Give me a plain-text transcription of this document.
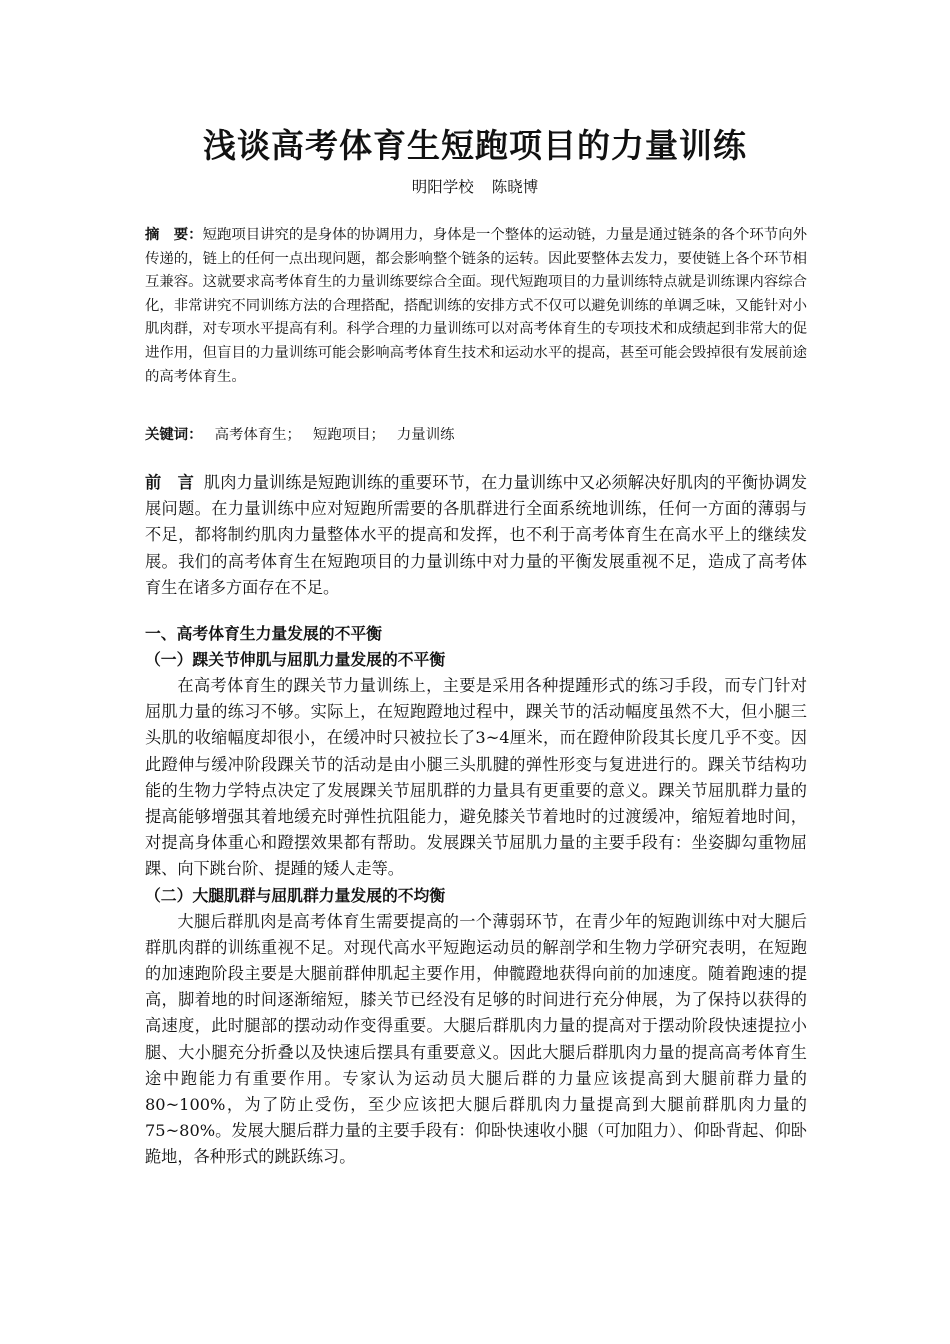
浅谈高考体育生短跑项目的力量训练
明阳学校 陈晓博
摘　要：短跑项目讲究的是身体的协调用力，身体是一个整体的运动链，力量是通过链条的各个环节向外传递的，链上的任何一点出现问题，都会影响整个链条的运转。因此要整体去发力，要使链上各个环节相互兼容。这就要求高考体育生的力量训练要综合全面。现代短跑项目的力量训练特点就是训练课内容综合化，非常讲究不同训练方法的合理搭配，搭配训练的安排方式不仅可以避免训练的单调乏味，又能针对小肌肉群，对专项水平提高有利。科学合理的力量训练可以对高考体育生的专项技术和成绩起到非常大的促进作用，但盲目的力量训练可能会影响高考体育生技术和运动水平的提高，甚至可能会毁掉很有发展前途的高考体育生。
关键词： 高考体育生； 短跑项目； 力量训练
前　言 肌肉力量训练是短跑训练的重要环节，在力量训练中又必须解决好肌肉的平衡协调发展问题。在力量训练中应对短跑所需要的各肌群进行全面系统地训练，任何一方面的薄弱与不足，都将制约肌肉力量整体水平的提高和发挥，也不利于高考体育生在高水平上的继续发展。我们的高考体育生在短跑项目的力量训练中对力量的平衡发展重视不足，造成了高考体育生在诸多方面存在不足。
一、高考体育生力量发展的不平衡
（一）踝关节伸肌与屈肌力量发展的不平衡
在高考体育生的踝关节力量训练上，主要是采用各种提踵形式的练习手段，而专门针对屈肌力量的练习不够。实际上，在短跑蹬地过程中，踝关节的活动幅度虽然不大，但小腿三头肌的收缩幅度却很小，在缓冲时只被拉长了3~4厘米，而在蹬伸阶段其长度几乎不变。因此蹬伸与缓冲阶段踝关节的活动是由小腿三头肌腱的弹性形变与复进进行的。踝关节结构功能的生物力学特点决定了发展踝关节屈肌群的力量具有更重要的意义。踝关节屈肌群力量的提高能够增强其着地缓充时弹性抗阻能力，避免膝关节着地时的过渡缓冲，缩短着地时间，对提高身体重心和蹬摆效果都有帮助。发展踝关节屈肌力量的主要手段有：坐姿脚勾重物屈踝、向下跳台阶、提踵的矮人走等。
（二）大腿肌群与屈肌群力量发展的不均衡
大腿后群肌肉是高考体育生需要提高的一个薄弱环节，在青少年的短跑训练中对大腿后群肌肉群的训练重视不足。对现代高水平短跑运动员的解剖学和生物力学研究表明，在短跑的加速跑阶段主要是大腿前群伸肌起主要作用，伸髋蹬地获得向前的加速度。随着跑速的提高，脚着地的时间逐渐缩短，膝关节已经没有足够的时间进行充分伸展，为了保持以获得的高速度，此时腿部的摆动动作变得重要。大腿后群肌肉力量的提高对于摆动阶段快速提拉小腿、大小腿充分折叠以及快速后摆具有重要意义。因此大腿后群肌肉力量的提高高考体育生途中跑能力有重要作用。专家认为运动员大腿后群的力量应该提高到大腿前群力量的80~100%，为了防止受伤，至少应该把大腿后群肌肉力量提高到大腿前群肌肉力量的75~80%。发展大腿后群力量的主要手段有：仰卧快速收小腿（可加阻力）、仰卧背起、仰卧跪地，各种形式的跳跃练习。
